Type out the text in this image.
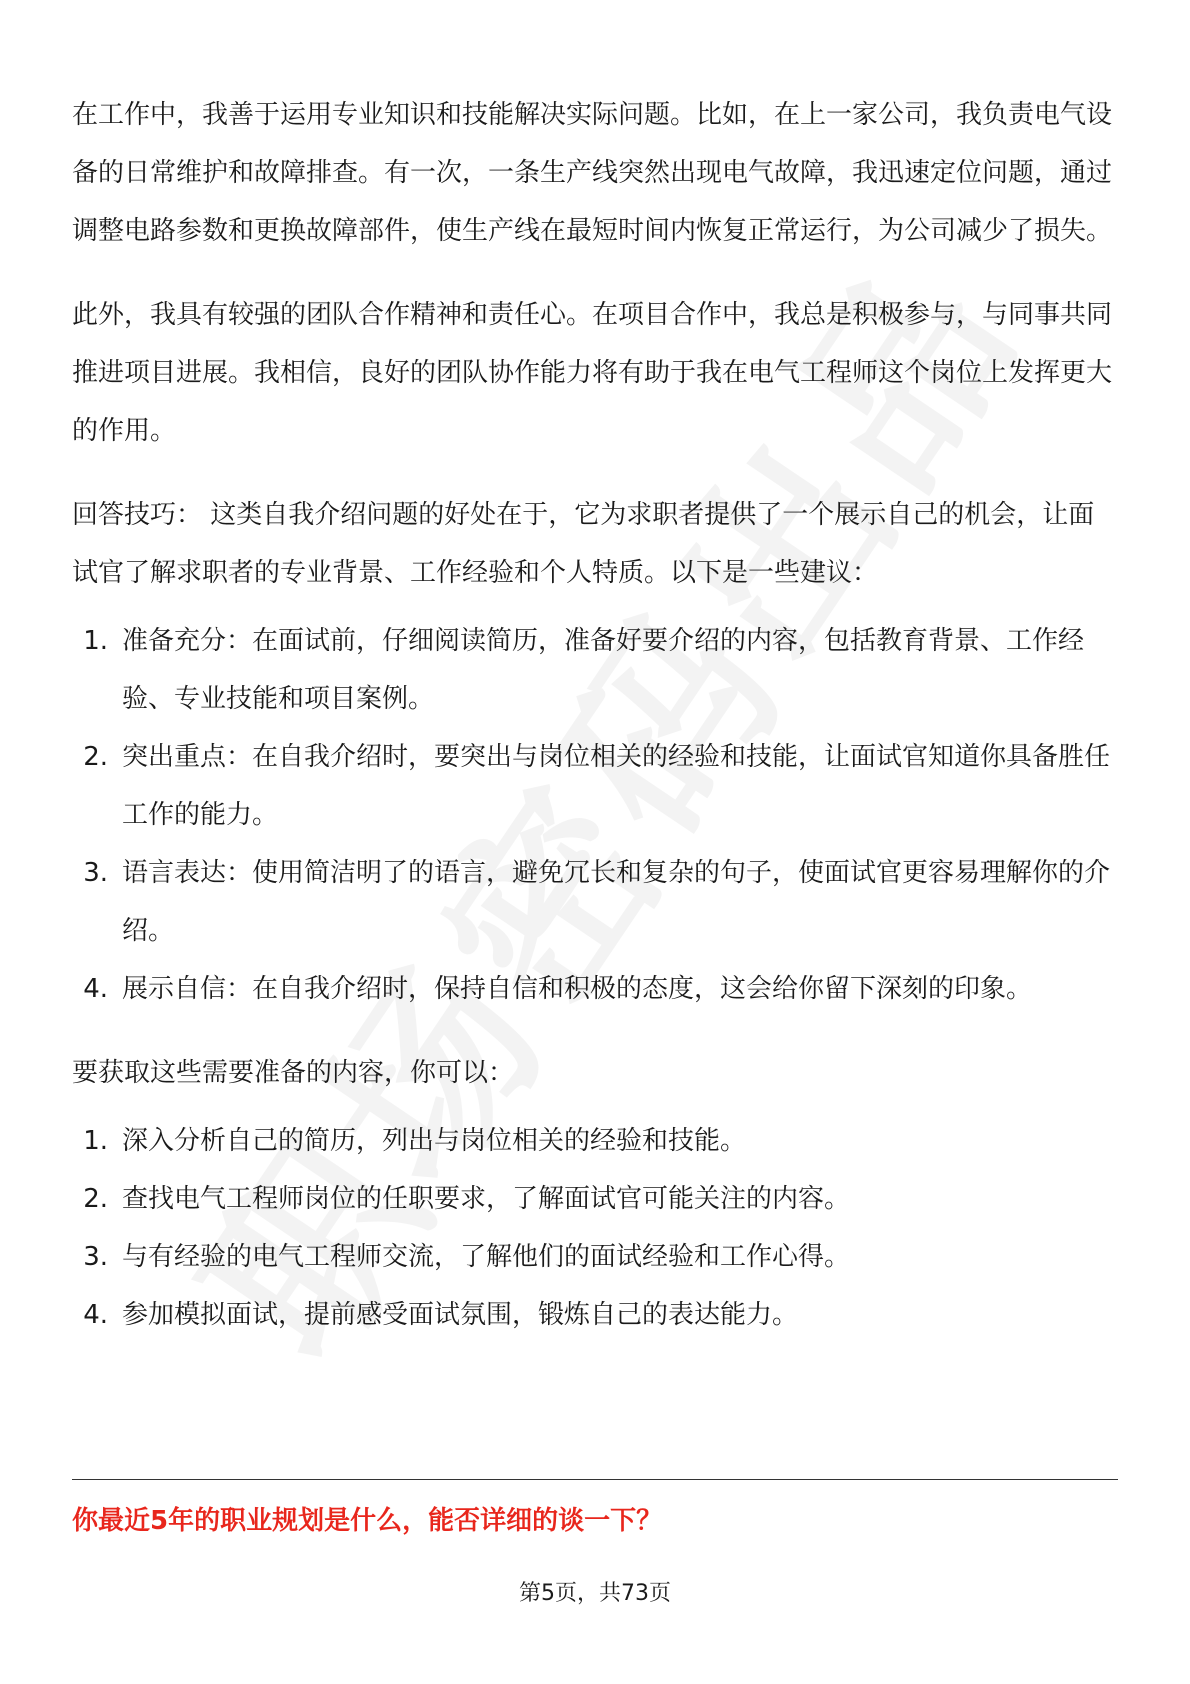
在工作中，我善于运用专业知识和技能解决实际问题。比如，在上一家公司，我负责电气设备的日常维护和故障排查。有一次，一条生产线突然出现电气故障，我迅速定位问题，通过调整电路参数和更换故障部件，使生产线在最短时间内恢复正常运行，为公司减少了损失。

此外，我具有较强的团队合作精神和责任心。在项目合作中，我总是积极参与，与同事共同推进项目进展。我相信，良好的团队协作能力将有助于我在电气工程师这个岗位上发挥更大的作用。

回答技巧： 这类自我介绍问题的好处在于，它为求职者提供了一个展示自己的机会，让面试官了解求职者的专业背景、工作经验和个人特质。以下是一些建议：

1. 准备充分：在面试前，仔细阅读简历，准备好要介绍的内容，包括教育背景、工作经验、专业技能和项目案例。
2. 突出重点：在自我介绍时，要突出与岗位相关的经验和技能，让面试官知道你具备胜任工作的能力。
3. 语言表达：使用简洁明了的语言，避免冗长和复杂的句子，使面试官更容易理解你的介绍。
4. 展示自信：在自我介绍时，保持自信和积极的态度，这会给你留下深刻的印象。

要获取这些需要准备的内容，你可以：

1. 深入分析自己的简历，列出与岗位相关的经验和技能。
2. 查找电气工程师岗位的任职要求，了解面试官可能关注的内容。
3. 与有经验的电气工程师交流，了解他们的面试经验和工作心得。
4. 参加模拟面试，提前感受面试氛围，锻炼自己的表达能力。
你最近5年的职业规划是什么，能否详细的谈一下？
第5页，共73页
